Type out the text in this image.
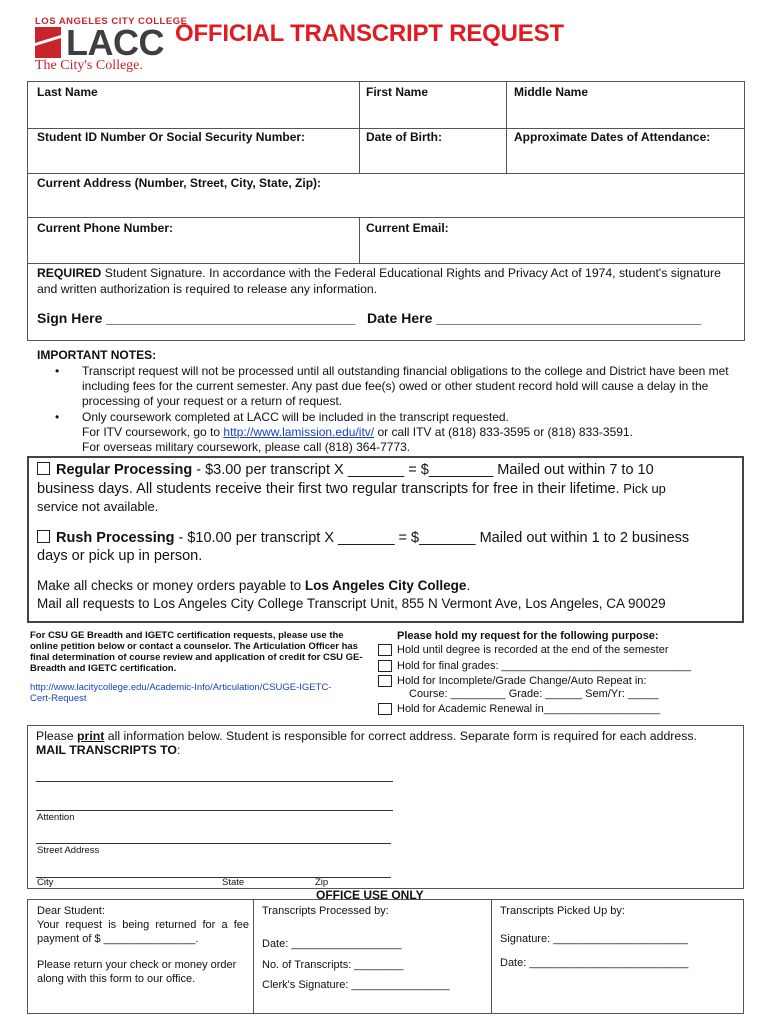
LOS ANGELES CITY COLLEGE
LACC
The City's College.
OFFICIAL TRANSCRIPT REQUEST
Last Name	First Name	Middle Name
Student ID Number Or Social Security Number:	Date of Birth:	Approximate Dates of Attendance:
Current Address (Number, Street, City, State, Zip):
Current Phone Number:	Current Email:
REQUIRED Student Signature. In accordance with the Federal Educational Rights and Privacy Act of 1974, student's signature and written authorization is required to release any information.
Sign Here ________________________________ Date Here __________________________________
IMPORTANT NOTES:
• Transcript request will not be processed until all outstanding financial obligations to the college and District have been met including fees for the current semester. Any past due fee(s) owed or other student record hold will cause a delay in the processing of your request or a return of request.
• Only coursework completed at LACC will be included in the transcript requested.
For ITV coursework, go to http://www.lamission.edu/itv/ or call ITV at (818) 833-3595 or (818) 833-3591.
For overseas military coursework, please call (818) 364-7773.
Regular Processing - $3.00 per transcript X _______ = $________ Mailed out within 7 to 10
business days. All students receive their first two regular transcripts for free in their lifetime. Pick up
service not available.
Rush Processing - $10.00 per transcript X _______ = $_______ Mailed out within 1 to 2 business
days or pick up in person.
Make all checks or money orders payable to Los Angeles City College.
Mail all requests to Los Angeles City College Transcript Unit, 855 N Vermont Ave, Los Angeles, CA 90029
For CSU GE Breadth and IGETC certification requests, please use the online petition below or contact a counselor. The Articulation Officer has final determination of course review and application of credit for CSU GE-Breadth and IGETC certification.
http://www.lacitycollege.edu/Academic-Info/Articulation/CSUGE-IGETC-Cert-Request
Please hold my request for the following purpose:
Hold until degree is recorded at the end of the semester
Hold for final grades: _______________________________
Hold for Incomplete/Grade Change/Auto Repeat in:
Course: _________ Grade: ______ Sem/Yr: _____
Hold for Academic Renewal in___________________
Please print all information below. Student is responsible for correct address. Separate form is required for each address.
MAIL TRANSCRIPTS TO:
Attention
Street Address
City	State	Zip
OFFICE USE ONLY
Dear Student:
Your request is being returned for a fee payment of $ _______________.
Please return your check or money order along with this form to our office.
Transcripts Processed by:
Date: __________________
No. of Transcripts: ________
Clerk's Signature: ________________
Transcripts Picked Up by:
Signature: ______________________
Date: __________________________
